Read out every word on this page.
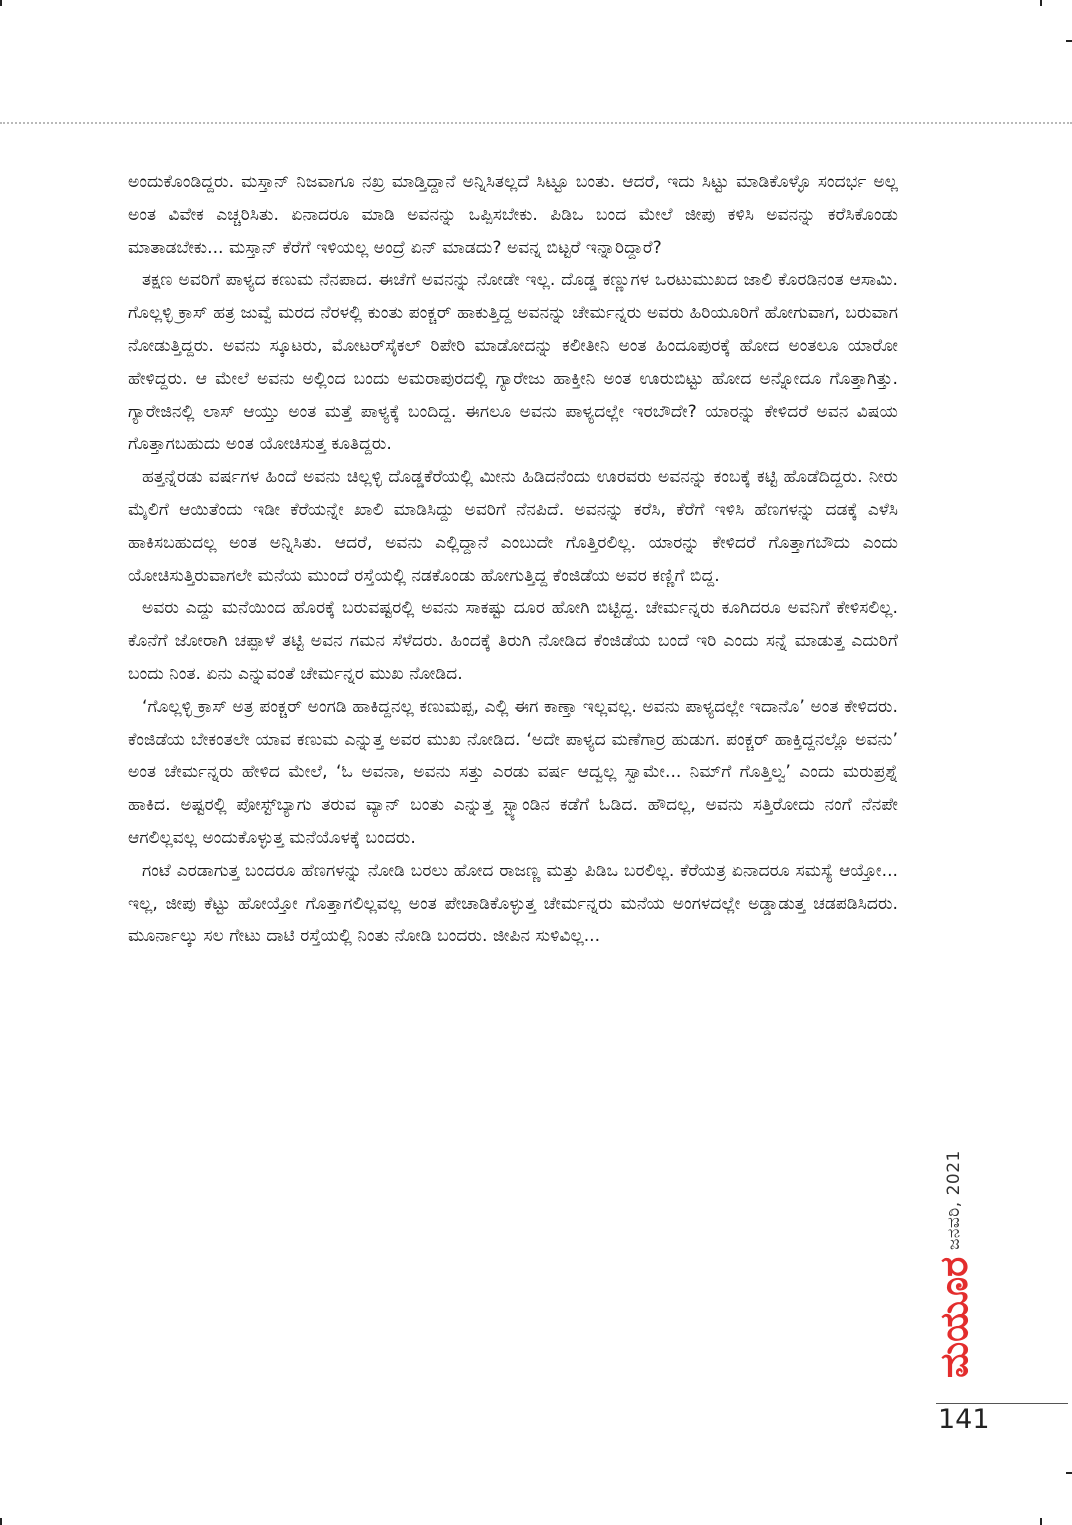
ಅಂದುಕೊಂಡಿದ್ದರು. ಮಸ್ತಾನ್ ನಿಜವಾಗೂ ನಖ್ರ ಮಾಡ್ತಿದ್ದಾನೆ ಅನ್ನಿಸಿತಲ್ಲದೆ ಸಿಟ್ಟೂ ಬಂತು. ಆದರೆ, ಇದು ಸಿಟ್ಟು ಮಾಡಿಕೊಳ್ಳೊ ಸಂದರ್ಭ ಅಲ್ಲ ಅಂತ ವಿವೇಕ ಎಚ್ಚರಿಸಿತು. ಏನಾದರೂ ಮಾಡಿ ಅವನನ್ನು ಒಪ್ಪಿಸಬೇಕು. ಪಿಡಿಒ ಬಂದ ಮೇಲೆ ಜೀಪು ಕಳಿಸಿ ಅವನನ್ನು ಕರೆಸಿಕೊಂಡು ಮಾತಾಡಬೇಕು... ಮಸ್ತಾನ್ ಕೆರೆಗೆ ಇಳಿಯಲ್ಲ ಅಂದ್ರೆ ಏನ್ ಮಾಡದು? ಅವನ್ನ ಬಿಟ್ಟರೆ ಇನ್ನಾರಿದ್ದಾರೆ?

ತಕ್ಷಣ ಅವರಿಗೆ ಪಾಳ್ಯದ ಕಣುಮ ನೆನಪಾದ. ಈಚೆಗೆ ಅವನನ್ನು ನೋಡೇ ಇಲ್ಲ. ದೊಡ್ಡ ಕಣ್ಣುಗಳ ಒರಟುಮುಖದ ಜಾಲಿ ಕೊರಡಿನಂತ ಆಸಾಮಿ. ಗೊಲ್ಲಳ್ಳಿ ಕ್ರಾಸ್ ಹತ್ರ ಜುವ್ವೆ ಮರದ ನೆರಳಲ್ಲಿ ಕುಂತು ಪಂಕ್ಚರ್ ಹಾಕುತ್ತಿದ್ದ ಅವನನ್ನು ಚೇರ್ಮನ್ನರು ಅವರು ಹಿರಿಯೂರಿಗೆ ಹೋಗುವಾಗ, ಬರುವಾಗ ನೋಡುತ್ತಿದ್ದರು. ಅವನು ಸ್ಕೂಟರು, ಮೋಟರ್‌ಸೈಕಲ್ ರಿಪೇರಿ ಮಾಡೋದನ್ನು ಕಲೀತೀನಿ ಅಂತ ಹಿಂದೂಪುರಕ್ಕೆ ಹೋದ ಅಂತಲೂ ಯಾರೋ ಹೇಳಿದ್ದರು. ಆ ಮೇಲೆ ಅವನು ಅಲ್ಲಿಂದ ಬಂದು ಅಮರಾಪುರದಲ್ಲಿ ಗ್ಯಾರೇಜು ಹಾಕ್ತೀನಿ ಅಂತ ಊರುಬಿಟ್ಟು ಹೋದ ಅನ್ನೋದೂ ಗೊತ್ತಾಗಿತ್ತು. ಗ್ಯಾರೇಜಿನಲ್ಲಿ ಲಾಸ್ ಆಯ್ತು ಅಂತ ಮತ್ತೆ ಪಾಳ್ಯಕ್ಕೆ ಬಂದಿದ್ದ. ಈಗಲೂ ಅವನು ಪಾಳ್ಯದಲ್ಲೇ ಇರಬೌದೇ? ಯಾರನ್ನು ಕೇಳಿದರೆ ಅವನ ವಿಷಯ ಗೊತ್ತಾಗಬಹುದು ಅಂತ ಯೋಚಿಸುತ್ತ ಕೂತಿದ್ದರು.

ಹತ್ತನ್ನೆರಡು ವರ್ಷಗಳ ಹಿಂದೆ ಅವನು ಚಿಲ್ಲಳ್ಳಿ ದೊಡ್ಡಕೆರೆಯಲ್ಲಿ ಮೀನು ಹಿಡಿದನೆಂದು ಊರವರು ಅವನನ್ನು ಕಂಬಕ್ಕೆ ಕಟ್ಟಿ ಹೊಡೆದಿದ್ದರು. ನೀರು ಮೈಲಿಗೆ ಆಯಿತೆಂದು ಇಡೀ ಕೆರೆಯನ್ನೇ ಖಾಲಿ ಮಾಡಿಸಿದ್ದು ಅವರಿಗೆ ನೆನಪಿದೆ. ಅವನನ್ನು ಕರೆಸಿ, ಕೆರೆಗೆ ಇಳಿಸಿ ಹೆಣಗಳನ್ನು ದಡಕ್ಕೆ ಎಳೆಸಿ ಹಾಕಿಸಬಹುದಲ್ಲ ಅಂತ ಅನ್ನಿಸಿತು. ಆದರೆ, ಅವನು ಎಲ್ಲಿದ್ದಾನೆ ಎಂಬುದೇ ಗೊತ್ತಿರಲಿಲ್ಲ. ಯಾರನ್ನು ಕೇಳಿದರೆ ಗೊತ್ತಾಗಬೌದು ಎಂದು ಯೋಚಿಸುತ್ತಿರುವಾಗಲೇ ಮನೆಯ ಮುಂದೆ ರಸ್ತೆಯಲ್ಲಿ ನಡಕೊಂಡು ಹೋಗುತ್ತಿದ್ದ ಕೆಂಜಿಡೆಯ ಅವರ ಕಣ್ಣಿಗೆ ಬಿದ್ದ.

ಅವರು ಎದ್ದು ಮನೆಯಿಂದ ಹೊರಕ್ಕೆ ಬರುವಷ್ಟರಲ್ಲಿ ಅವನು ಸಾಕಷ್ಟು ದೂರ ಹೋಗಿ ಬಿಟ್ಟಿದ್ದ. ಚೇರ್ಮನ್ನರು ಕೂಗಿದರೂ ಅವನಿಗೆ ಕೇಳಿಸಲಿಲ್ಲ. ಕೊನೆಗೆ ಜೋರಾಗಿ ಚಪ್ಪಾಳೆ ತಟ್ಟಿ ಅವನ ಗಮನ ಸೆಳೆದರು. ಹಿಂದಕ್ಕೆ ತಿರುಗಿ ನೋಡಿದ ಕೆಂಜಿಡೆಯ ಬಂದೆ ಇರಿ ಎಂದು ಸನ್ನೆ ಮಾಡುತ್ತ ಎದುರಿಗೆ ಬಂದು ನಿಂತ. ಏನು ಎನ್ನುವಂತೆ ಚೇರ್ಮನ್ನರ ಮುಖ ನೋಡಿದ.

‘ಗೊಲ್ಲಳ್ಳಿ ಕ್ರಾಸ್ ಅತ್ರ ಪಂಕ್ಚರ್ ಅಂಗಡಿ ಹಾಕಿದ್ದನಲ್ಲ ಕಣುಮಪ್ಪ, ಎಲ್ಲಿ ಈಗ ಕಾಣ್ತಾ ಇಲ್ಲವಲ್ಲ. ಅವನು ಪಾಳ್ಯದಲ್ಲೇ ಇದಾನೊ’ ಅಂತ ಕೇಳಿದರು. ಕೆಂಜಿಡೆಯ ಬೇಕಂತಲೇ ಯಾವ ಕಣುಮ ಎನ್ನುತ್ತ ಅವರ ಮುಖ ನೋಡಿದ. ‘ಅದೇ ಪಾಳ್ಯದ ಮಣೆಗಾರ್ರ ಹುಡುಗ. ಪಂಕ್ಚರ್ ಹಾಕ್ತಿದ್ದನಲ್ಲೊ ಅವನು’ ಅಂತ ಚೇರ್ಮನ್ನರು ಹೇಳಿದ ಮೇಲೆ, ‘ಓ ಅವನಾ, ಅವನು ಸತ್ತು ಎರಡು ವರ್ಷ ಆದ್ವಲ್ಲ ಸ್ವಾಮೇ... ನಿಮ್‌ಗೆ ಗೊತ್ತಿಲ್ವ’ ಎಂದು ಮರುಪ್ರಶ್ನೆ ಹಾಕಿದ. ಅಷ್ಟರಲ್ಲಿ ಪೋಸ್ಟ್‌ಬ್ಯಾಗು ತರುವ ವ್ಯಾನ್ ಬಂತು ಎನ್ನುತ್ತ ಸ್ಟ್ಯಾಂಡಿನ ಕಡೆಗೆ ಓಡಿದ. ಹೌದಲ್ಲ, ಅವನು ಸತ್ತಿರೋದು ನಂಗೆ ನೆನಪೇ ಆಗಲಿಲ್ಲವಲ್ಲ ಅಂದುಕೊಳ್ಳುತ್ತ ಮನೆಯೊಳಕ್ಕೆ ಬಂದರು.

ಗಂಟೆ ಎರಡಾಗುತ್ತ ಬಂದರೂ ಹೆಣಗಳನ್ನು ನೋಡಿ ಬರಲು ಹೋದ ರಾಜಣ್ಣ ಮತ್ತು ಪಿಡಿಒ ಬರಲಿಲ್ಲ. ಕೆರೆಯತ್ರ ಏನಾದರೂ ಸಮಸ್ಯೆ ಆಯ್ತೋ... ಇಲ್ಲ, ಜೀಪು ಕೆಟ್ಟು ಹೋಯ್ತೋ ಗೊತ್ತಾಗಲಿಲ್ಲವಲ್ಲ ಅಂತ ಪೇಚಾಡಿಕೊಳ್ಳುತ್ತ ಚೇರ್ಮನ್ನರು ಮನೆಯ ಅಂಗಳದಲ್ಲೇ ಅಡ್ಡಾಡುತ್ತ ಚಡಪಡಿಸಿದರು. ಮೂರ್ನಾಲ್ಕು ಸಲ ಗೇಟು ದಾಟಿ ರಸ್ತೆಯಲ್ಲಿ ನಿಂತು ನೋಡಿ ಬಂದರು. ಜೀಪಿನ ಸುಳಿವಿಲ್ಲ...

ಜನವರಿ, 2021
ಮಯೂರ
141
